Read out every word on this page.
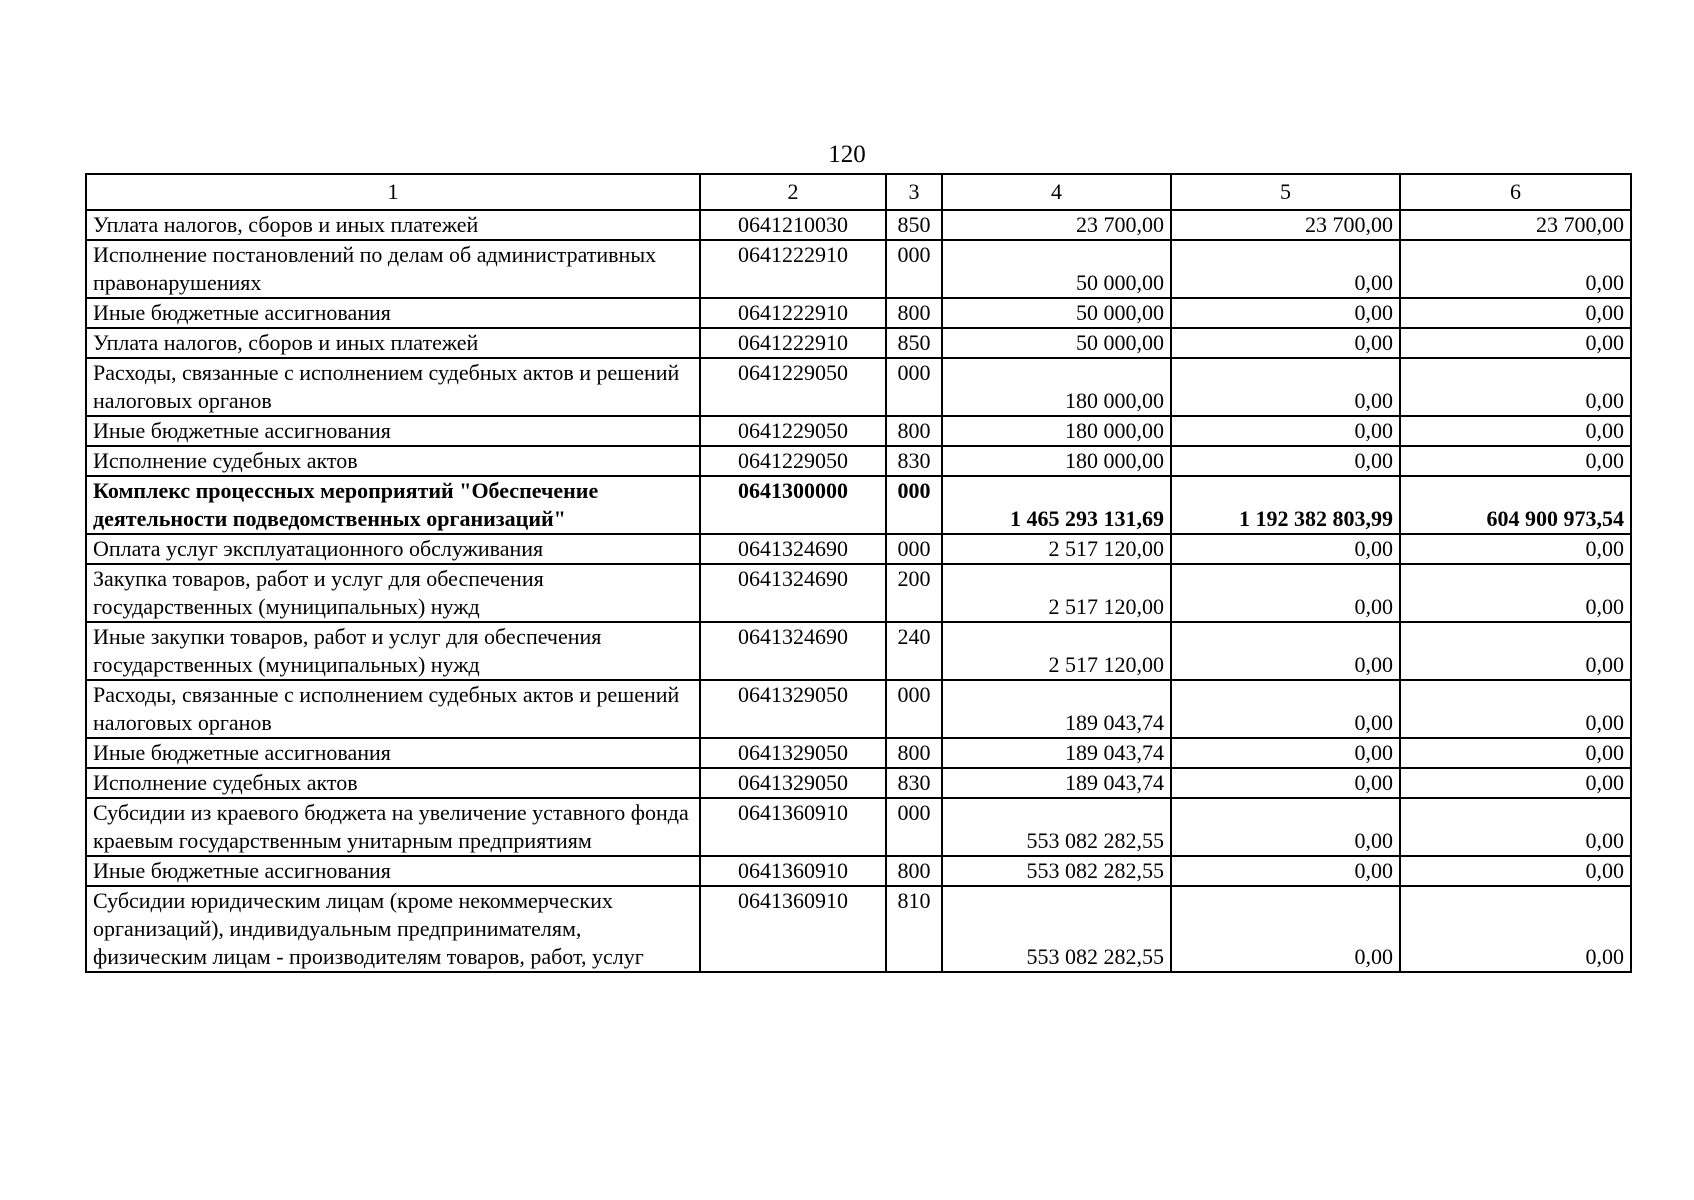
120
1	2	3	4	5	6
Уплата налогов, сборов и иных платежей	0641210030	850	23 700,00	23 700,00	23 700,00
Исполнение постановлений по делам об административных правонарушениях	0641222910	000	50 000,00	0,00	0,00
Иные бюджетные ассигнования	0641222910	800	50 000,00	0,00	0,00
Уплата налогов, сборов и иных платежей	0641222910	850	50 000,00	0,00	0,00
Расходы, связанные с исполнением судебных актов и решений налоговых органов	0641229050	000	180 000,00	0,00	0,00
Иные бюджетные ассигнования	0641229050	800	180 000,00	0,00	0,00
Исполнение судебных актов	0641229050	830	180 000,00	0,00	0,00
Комплекс процессных мероприятий "Обеспечение деятельности подведомственных организаций"	0641300000	000	1 465 293 131,69	1 192 382 803,99	604 900 973,54
Оплата услуг эксплуатационного обслуживания	0641324690	000	2 517 120,00	0,00	0,00
Закупка товаров, работ и услуг для обеспечения государственных (муниципальных) нужд	0641324690	200	2 517 120,00	0,00	0,00
Иные закупки товаров, работ и услуг для обеспечения государственных (муниципальных) нужд	0641324690	240	2 517 120,00	0,00	0,00
Расходы, связанные с исполнением судебных актов и решений налоговых органов	0641329050	000	189 043,74	0,00	0,00
Иные бюджетные ассигнования	0641329050	800	189 043,74	0,00	0,00
Исполнение судебных актов	0641329050	830	189 043,74	0,00	0,00
Субсидии из краевого бюджета на увеличение уставного фонда краевым государственным унитарным предприятиям	0641360910	000	553 082 282,55	0,00	0,00
Иные бюджетные ассигнования	0641360910	800	553 082 282,55	0,00	0,00
Субсидии юридическим лицам (кроме некоммерческих организаций), индивидуальным предпринимателям, физическим лицам - производителям товаров, работ, услуг	0641360910	810	553 082 282,55	0,00	0,00
